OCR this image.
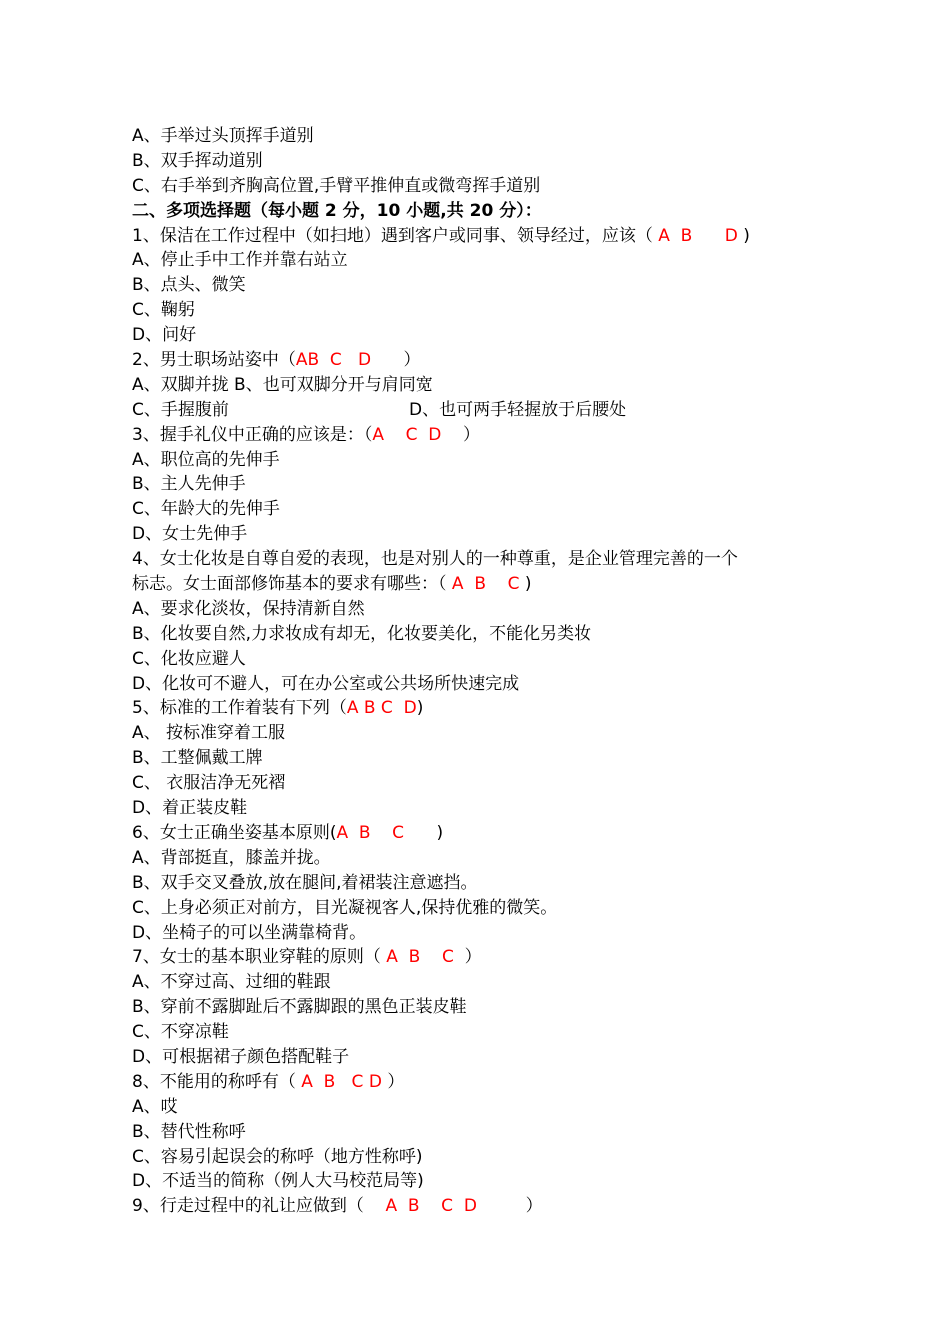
A、手举过头顶挥手道别
B、双手挥动道别
C、右手举到齐胸高位置,手臂平推伸直或微弯挥手道别
二、多项选择题（每小题 2 分，10 小题,共 20 分）：
1、保洁在工作过程中（如扫地）遇到客户或同事、领导经过，应该（ A  B      D )
A、停止手中工作并靠右站立
B、点头、微笑
C、鞠躬
D、问好
2、男士职场站姿中（AB  C   D      ）
A、双脚并拢 B、也可双脚分开与肩同宽
C、手握腹前	D、也可两手轻握放于后腰处
3、握手礼仪中正确的应该是：（A    C  D    ）
A、职位高的先伸手
B、主人先伸手
C、年龄大的先伸手
D、女士先伸手
4、女士化妆是自尊自爱的表现，也是对别人的一种尊重，是企业管理完善的一个
标志。女士面部修饰基本的要求有哪些：（ A  B    C )
A、要求化淡妆，保持清新自然
B、化妆要自然,力求妆成有却无，化妆要美化，不能化另类妆
C、化妆应避人
D、化妆可不避人，可在办公室或公共场所快速完成
5、标准的工作着装有下列（A B C  D)
A、 按标准穿着工服
B、工整佩戴工牌
C、 衣服洁净无死褶
D、着正装皮鞋
6、女士正确坐姿基本原则(A  B    C      )
A、背部挺直，膝盖并拢。
B、双手交叉叠放,放在腿间,着裙装注意遮挡。
C、上身必须正对前方，目光凝视客人,保持优雅的微笑。
D、坐椅子的可以坐满靠椅背。
7、女士的基本职业穿鞋的原则（ A  B    C  ）
A、不穿过高、过细的鞋跟
B、穿前不露脚趾后不露脚跟的黑色正装皮鞋
C、不穿凉鞋
D、可根据裙子颜色搭配鞋子
8、不能用的称呼有（ A  B   C D ）
A、哎
B、替代性称呼
C、容易引起误会的称呼（地方性称呼)
D、不适当的简称（例人大马校范局等)
9、行走过程中的礼让应做到（    A  B    C  D         ）
